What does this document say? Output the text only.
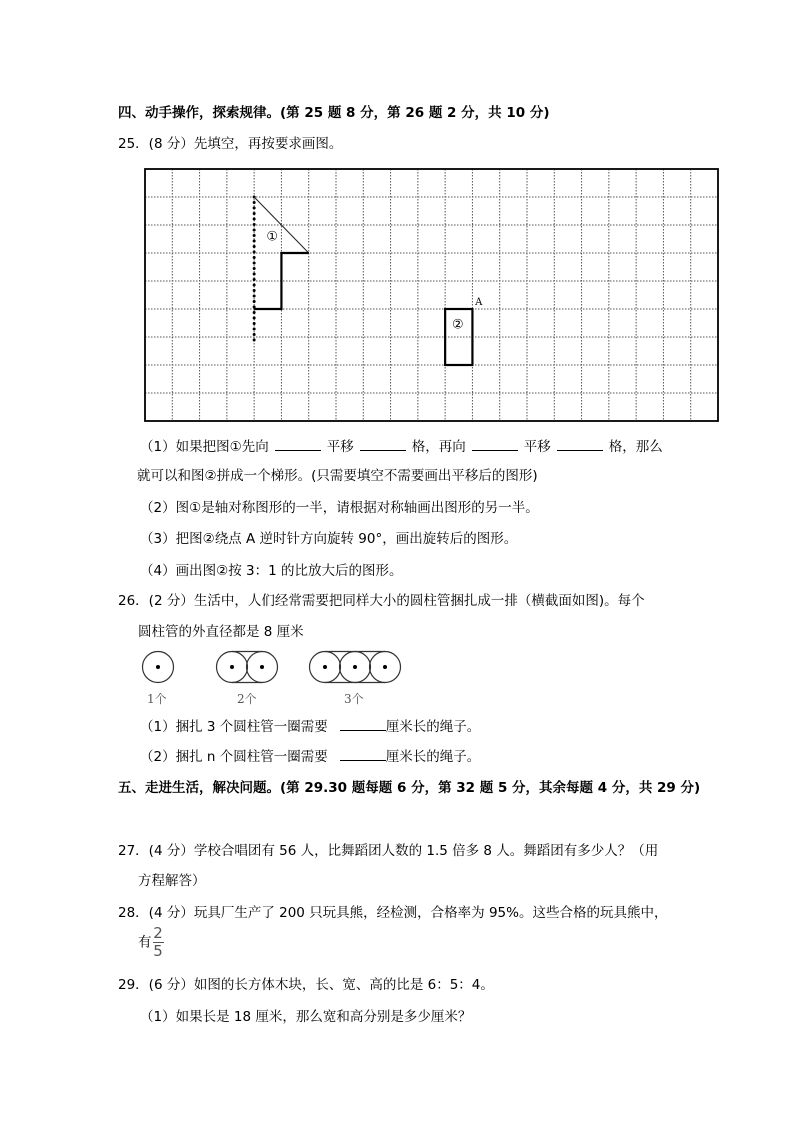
四、动手操作，探索规律。(第 25 题 8 分，第 26 题 2 分，共 10 分)
25．(8 分）先填空，再按要求画图。
①
②
A
（1）如果把图①先向	平移	格，再向	平移	格，那么
就可以和图②拼成一个梯形。(只需要填空不需要画出平移后的图形)
（2）图①是轴对称图形的一半，请根据对称轴画出图形的另一半。
（3）把图②绕点 A 逆时针方向旋转 90°，画出旋转后的图形。
（4）画出图②按 3：1 的比放大后的图形。
26．(2 分）生活中，人们经常需要把同样大小的圆柱管捆扎成一排（横截面如图)。每个
圆柱管的外直径都是 8 厘米
1个	2个	3个
（1）捆扎 3 个圆柱管一圈需要	厘米长的绳子。
（2）捆扎 n 个圆柱管一圈需要	厘米长的绳子。
五、走进生活，解决问题。(第 29.30 题每题 6 分，第 32 题 5 分，其余每题 4 分，共 29 分)
27．(4 分）学校合唱团有 56 人，比舞蹈团人数的 1.5 倍多 8 人。舞蹈团有多少人？（用
方程解答）
28．(4 分）玩具厂生产了 200 只玩具熊，经检测，合格率为 95%。这些合格的玩具熊中，
有 $\frac{2}{5}$
29．(6 分）如图的长方体木块，长、宽、高的比是 6：5：4。
（1）如果长是 18 厘米，那么宽和高分别是多少厘米？
